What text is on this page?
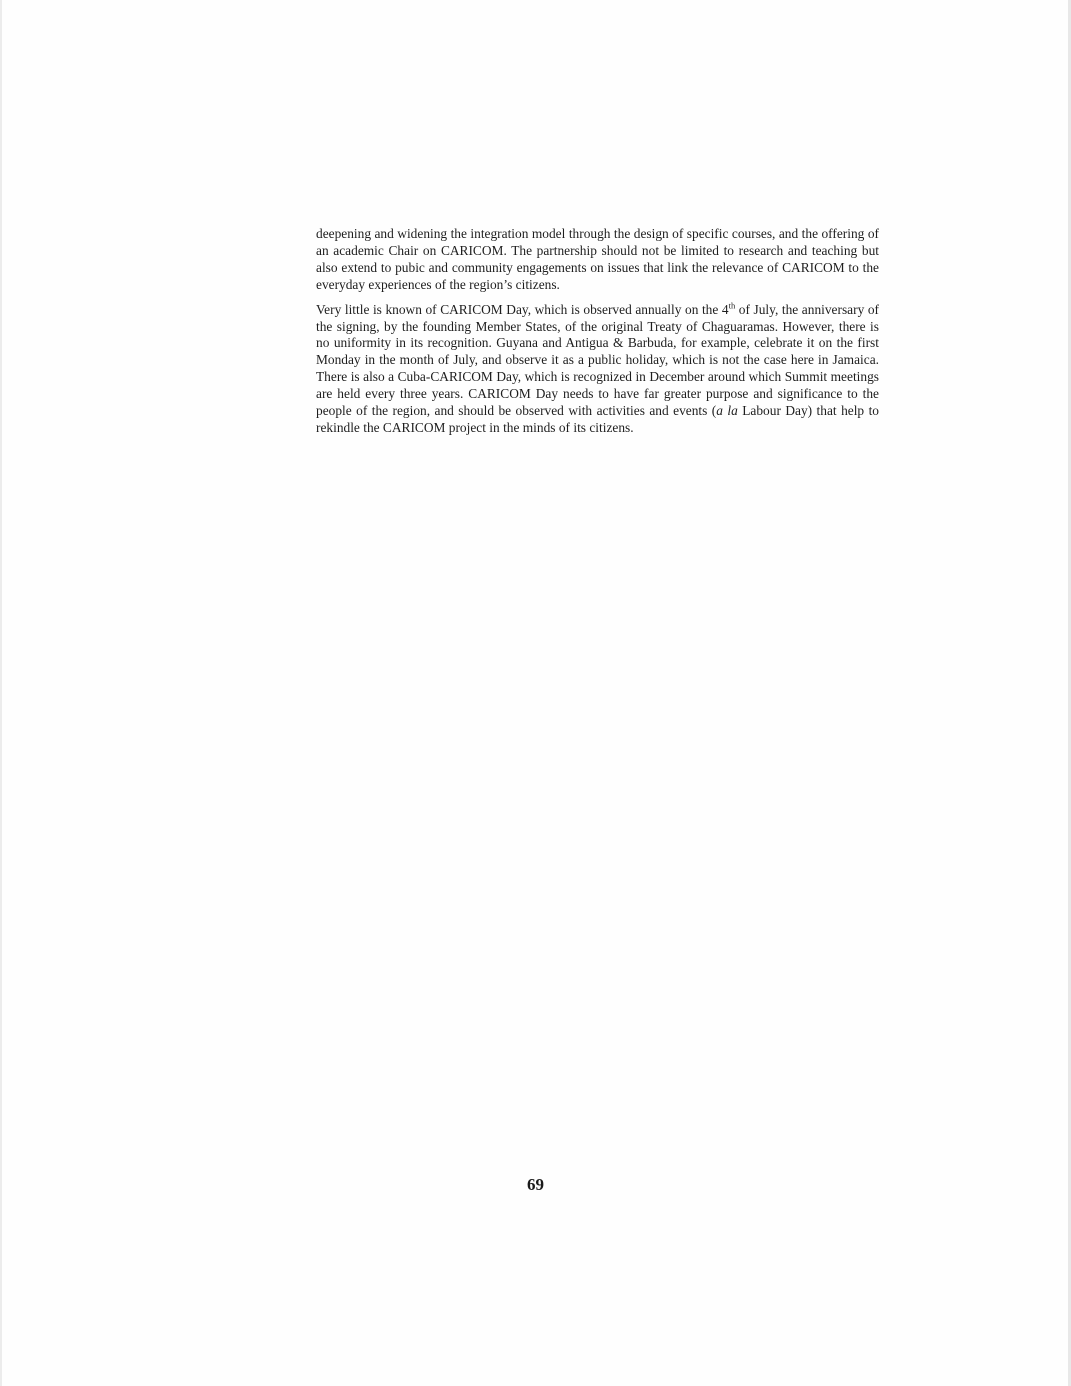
deepening and widening the integration model through the design of specific courses, and the offering of an academic Chair on CARICOM. The partnership should not be limited to research and teaching but also extend to pubic and community engagements on issues that link the relevance of CARICOM to the everyday experiences of the region’s citizens.

Very little is known of CARICOM Day, which is observed annually on the 4th of July, the anniversary of the signing, by the founding Member States, of the original Treaty of Chaguaramas. However, there is no uniformity in its recognition. Guyana and Antigua & Barbuda, for example, celebrate it on the first Monday in the month of July, and observe it as a public holiday, which is not the case here in Jamaica. There is also a Cuba-CARICOM Day, which is recognized in December around which Summit meetings are held every three years. CARICOM Day needs to have far greater purpose and significance to the people of the region, and should be observed with activities and events (a la Labour Day) that help to rekindle the CARICOM project in the minds of its citizens.

69
